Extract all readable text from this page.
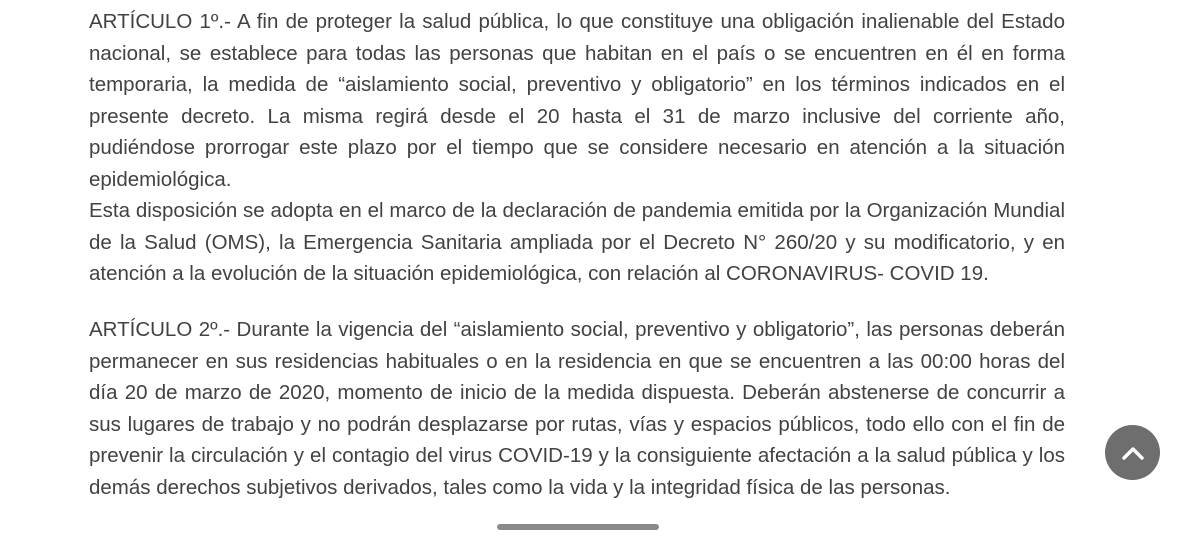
ARTÍCULO 1º.- A fin de proteger la salud pública, lo que constituye una obligación inalienable del Estado nacional, se establece para todas las personas que habitan en el país o se encuentren en él en forma temporaria, la medida de “aislamiento social, preventivo y obligatorio” en los términos indicados en el presente decreto. La misma regirá desde el 20 hasta el 31 de marzo inclusive del corriente año, pudiéndose prorrogar este plazo por el tiempo que se considere necesario en atención a la situación epidemiológica.

Esta disposición se adopta en el marco de la declaración de pandemia emitida por la Organización Mundial de la Salud (OMS), la Emergencia Sanitaria ampliada por el Decreto N° 260/20 y su modificatorio, y en atención a la evolución de la situación epidemiológica, con relación al CORONAVIRUS- COVID 19.

ARTÍCULO 2º.- Durante la vigencia del “aislamiento social, preventivo y obligatorio”, las personas deberán permanecer en sus residencias habituales o en la residencia en que se encuentren a las 00:00 horas del día 20 de marzo de 2020, momento de inicio de la medida dispuesta. Deberán abstenerse de concurrir a sus lugares de trabajo y no podrán desplazarse por rutas, vías y espacios públicos, todo ello con el fin de prevenir la circulación y el contagio del virus COVID-19 y la consiguiente afectación a la salud pública y los demás derechos subjetivos derivados, tales como la vida y la integridad física de las personas.
